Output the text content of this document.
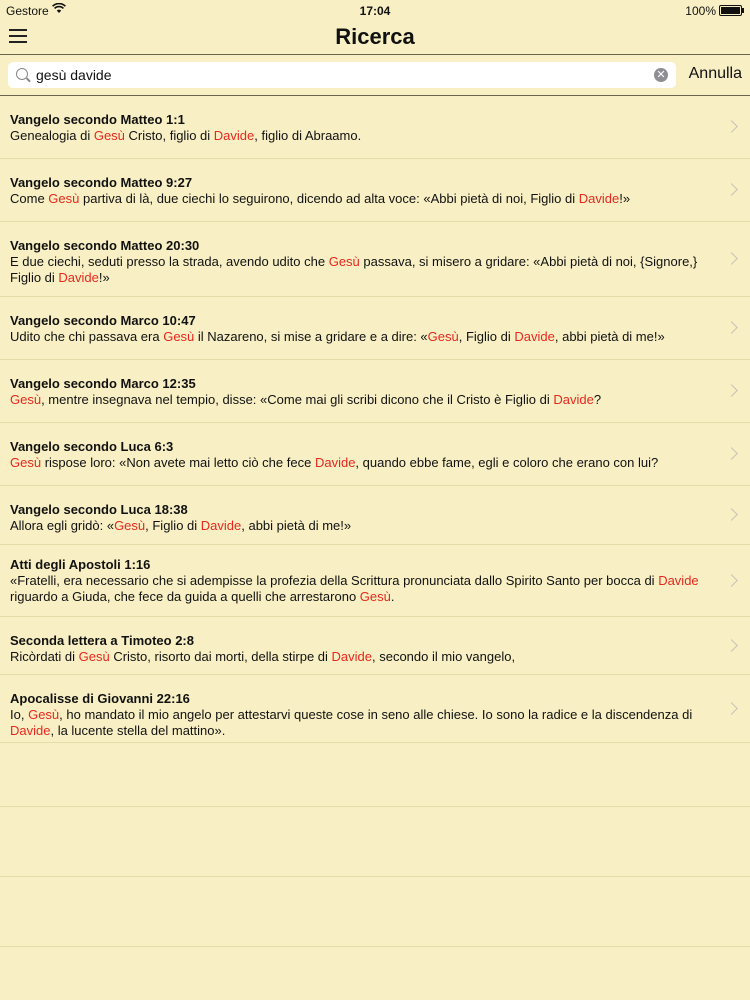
Gestore	17:04	100%
Ricerca
gesù davide
✕ Annulla
Vangelo secondo Matteo 1:1
Genealogia di Gesù Cristo, figlio di Davide, figlio di Abraamo.
Vangelo secondo Matteo 9:27
Come Gesù partiva di là, due ciechi lo seguirono, dicendo ad alta voce: «Abbi pietà di noi, Figlio di Davide!»
Vangelo secondo Matteo 20:30
E due ciechi, seduti presso la strada, avendo udito che Gesù passava, si misero a gridare: «Abbi pietà di noi, {Signore,} Figlio di Davide!»
Vangelo secondo Marco 10:47
Udito che chi passava era Gesù il Nazareno, si mise a gridare e a dire: «Gesù, Figlio di Davide, abbi pietà di me!»
Vangelo secondo Marco 12:35
Gesù, mentre insegnava nel tempio, disse: «Come mai gli scribi dicono che il Cristo è Figlio di Davide?
Vangelo secondo Luca 6:3
Gesù rispose loro: «Non avete mai letto ciò che fece Davide, quando ebbe fame, egli e coloro che erano con lui?
Vangelo secondo Luca 18:38
Allora egli gridò: «Gesù, Figlio di Davide, abbi pietà di me!»
Atti degli Apostoli 1:16
«Fratelli, era necessario che si adempisse la profezia della Scrittura pronunciata dallo Spirito Santo per bocca di Davide riguardo a Giuda, che fece da guida a quelli che arrestarono Gesù.
Seconda lettera a Timoteo 2:8
Ricòrdati di Gesù Cristo, risorto dai morti, della stirpe di Davide, secondo il mio vangelo,
Apocalisse di Giovanni 22:16
Io, Gesù, ho mandato il mio angelo per attestarvi queste cose in seno alle chiese. Io sono la radice e la discendenza di Davide, la lucente stella del mattino».
